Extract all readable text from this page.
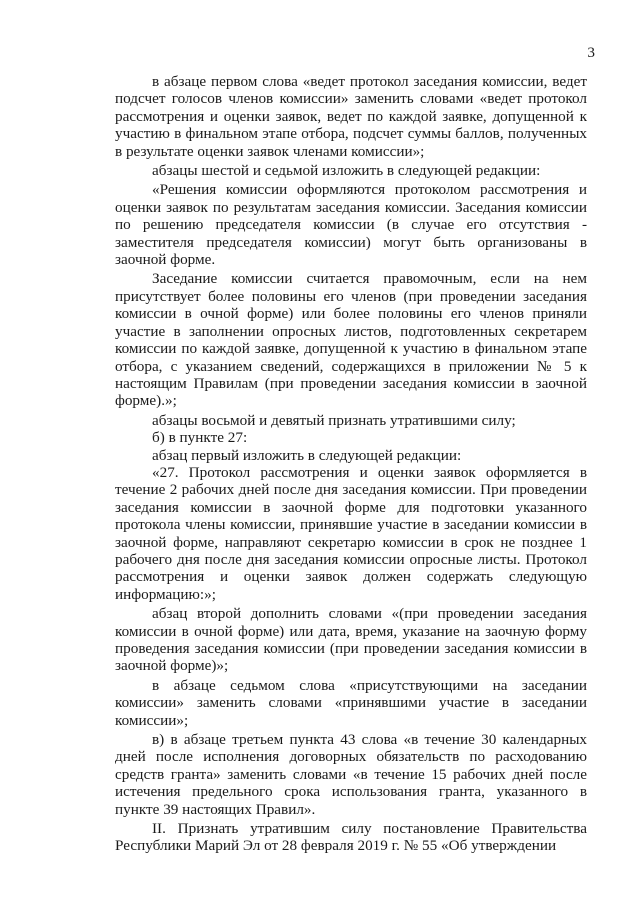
3

в абзаце первом слова «ведет протокол заседания комиссии, ведет подсчет голосов членов комиссии» заменить словами «ведет протокол рассмотрения и оценки заявок, ведет по каждой заявке, допущенной к участию в финальном этапе отбора, подсчет суммы баллов, полученных в результате оценки заявок членами комиссии»;

абзацы шестой и седьмой изложить в следующей редакции:

«Решения комиссии оформляются протоколом рассмотрения и оценки заявок по результатам заседания комиссии. Заседания комиссии по решению председателя комиссии (в случае его отсутствия - заместителя председателя комиссии) могут быть организованы в заочной форме.

Заседание комиссии считается правомочным, если на нем присутствует более половины его членов (при проведении заседания комиссии в очной форме) или более половины его членов приняли участие в заполнении опросных листов, подготовленных секретарем комиссии по каждой заявке, допущенной к участию в финальном этапе отбора, с указанием сведений, содержащихся в приложении № 5 к настоящим Правилам (при проведении заседания комиссии в заочной форме).»;

абзацы восьмой и девятый признать утратившими силу;

б) в пункте 27:

абзац первый изложить в следующей редакции:

«27. Протокол рассмотрения и оценки заявок оформляется в течение 2 рабочих дней после дня заседания комиссии. При проведении заседания комиссии в заочной форме для подготовки указанного протокола члены комиссии, принявшие участие в заседании комиссии в заочной форме, направляют секретарю комиссии в срок не позднее 1 рабочего дня после дня заседания комиссии опросные листы. Протокол рассмотрения и оценки заявок должен содержать следующую информацию:»;

абзац второй дополнить словами «(при проведении заседания комиссии в очной форме) или дата, время, указание на заочную форму проведения заседания комиссии (при проведении заседания комиссии в заочной форме)»;

в абзаце седьмом слова «присутствующими на заседании комиссии» заменить словами «принявшими участие в заседании комиссии»;

в) в абзаце третьем пункта 43 слова «в течение 30 календарных дней после исполнения договорных обязательств по расходованию средств гранта» заменить словами «в течение 15 рабочих дней после истечения предельного срока использования гранта, указанного в пункте 39 настоящих Правил».

II. Признать утратившим силу постановление Правительства Республики Марий Эл от 28 февраля 2019 г. № 55 «Об утверждении
